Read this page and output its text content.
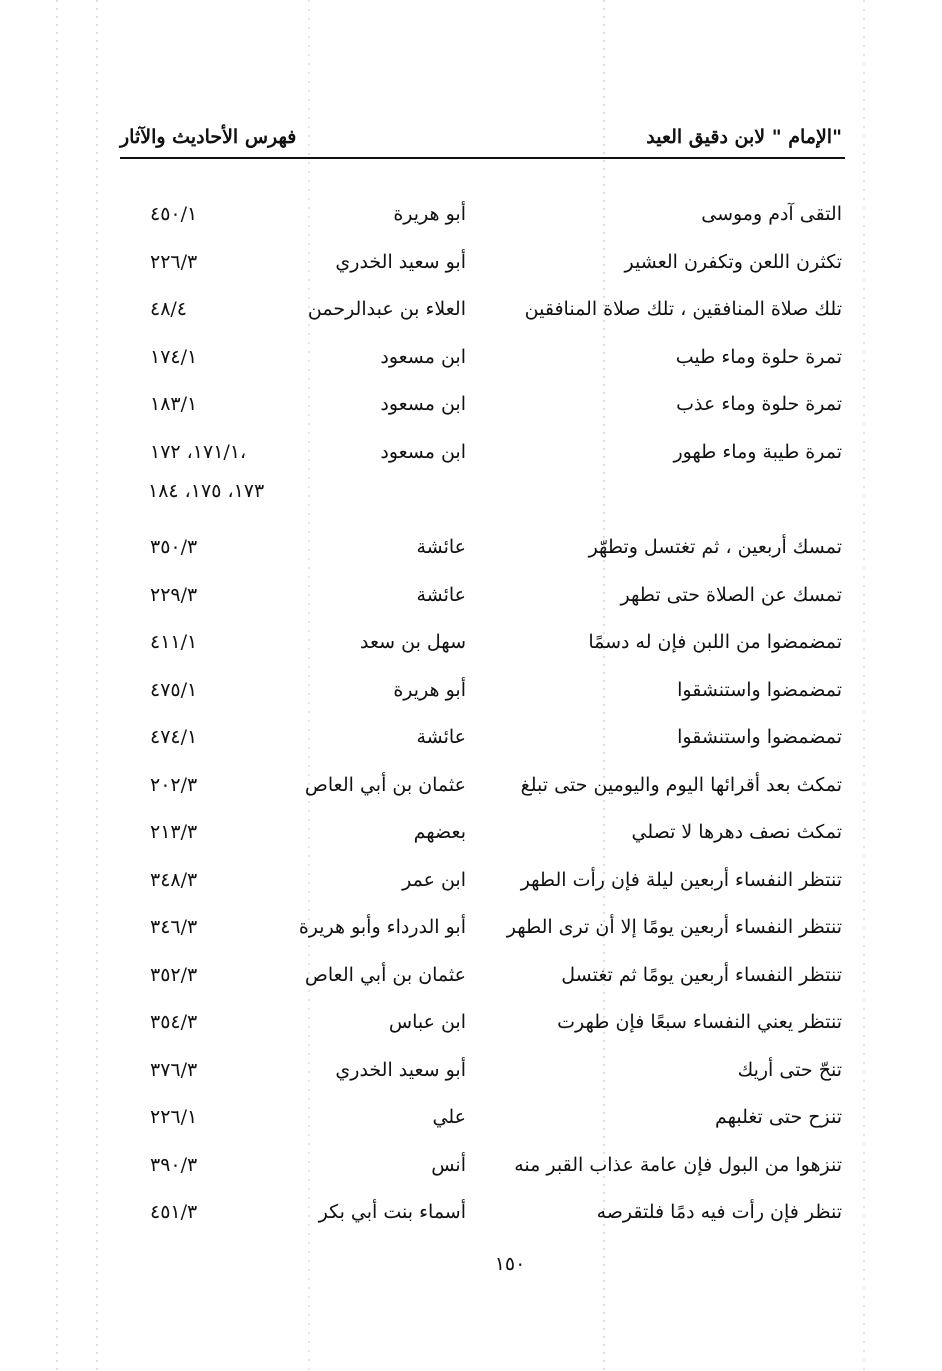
"الإمام " لابن دقيق العيد
فهرس الأحاديث والآثار
التقى آدم وموسى
أبو هريرة
٤٥٠/١
تكثرن اللعن وتكفرن العشير
أبو سعيد الخدري
٢٢٦/٣
تلك صلاة المنافقين ، تلك صلاة المنافقين
العلاء بن عبدالرحمن
٤٨/٤
تمرة حلوة وماء طيب
ابن مسعود
١٧٤/١
تمرة حلوة وماء عذب
ابن مسعود
١٨٣/١
تمرة طيبة وماء طهور
ابن مسعود
١٧١/١، ١٧٢،
١٧٣، ١٧٥، ١٨٤
تمسك أربعين ، ثم تغتسل وتطهّر
عائشة
٣٥٠/٣
تمسك عن الصلاة حتى تطهر
عائشة
٢٢٩/٣
تمضمضوا من اللبن فإن له دسمًا
سهل بن سعد
٤١١/١
تمضمضوا واستنشقوا
أبو هريرة
٤٧٥/١
تمضمضوا واستنشقوا
عائشة
٤٧٤/١
تمكث بعد أقرائها اليوم واليومين حتى تبلغ
عثمان بن أبي العاص
٢٠٢/٣
تمكث نصف دهرها لا تصلي
بعضهم
٢١٣/٣
تنتظر النفساء أربعين ليلة فإن رأت الطهر
ابن عمر
٣٤٨/٣
تنتظر النفساء أربعين يومًا إلا أن ترى الطهر
أبو الدرداء وأبو هريرة
٣٤٦/٣
تنتظر النفساء أربعين يومًا ثم تغتسل
عثمان بن أبي العاص
٣٥٢/٣
تنتظر يعني النفساء سبعًا فإن طهرت
ابن عباس
٣٥٤/٣
تنحّ حتى أريك
أبو سعيد الخدري
٣٧٦/٣
تنزح حتى تغلبهم
علي
٢٢٦/١
تنزهوا من البول فإن عامة عذاب القبر منه
أنس
٣٩٠/٣
تنظر فإن رأت فيه دمًا فلتقرصه
أسماء بنت أبي بكر
٤٥١/٣
١٥٠
